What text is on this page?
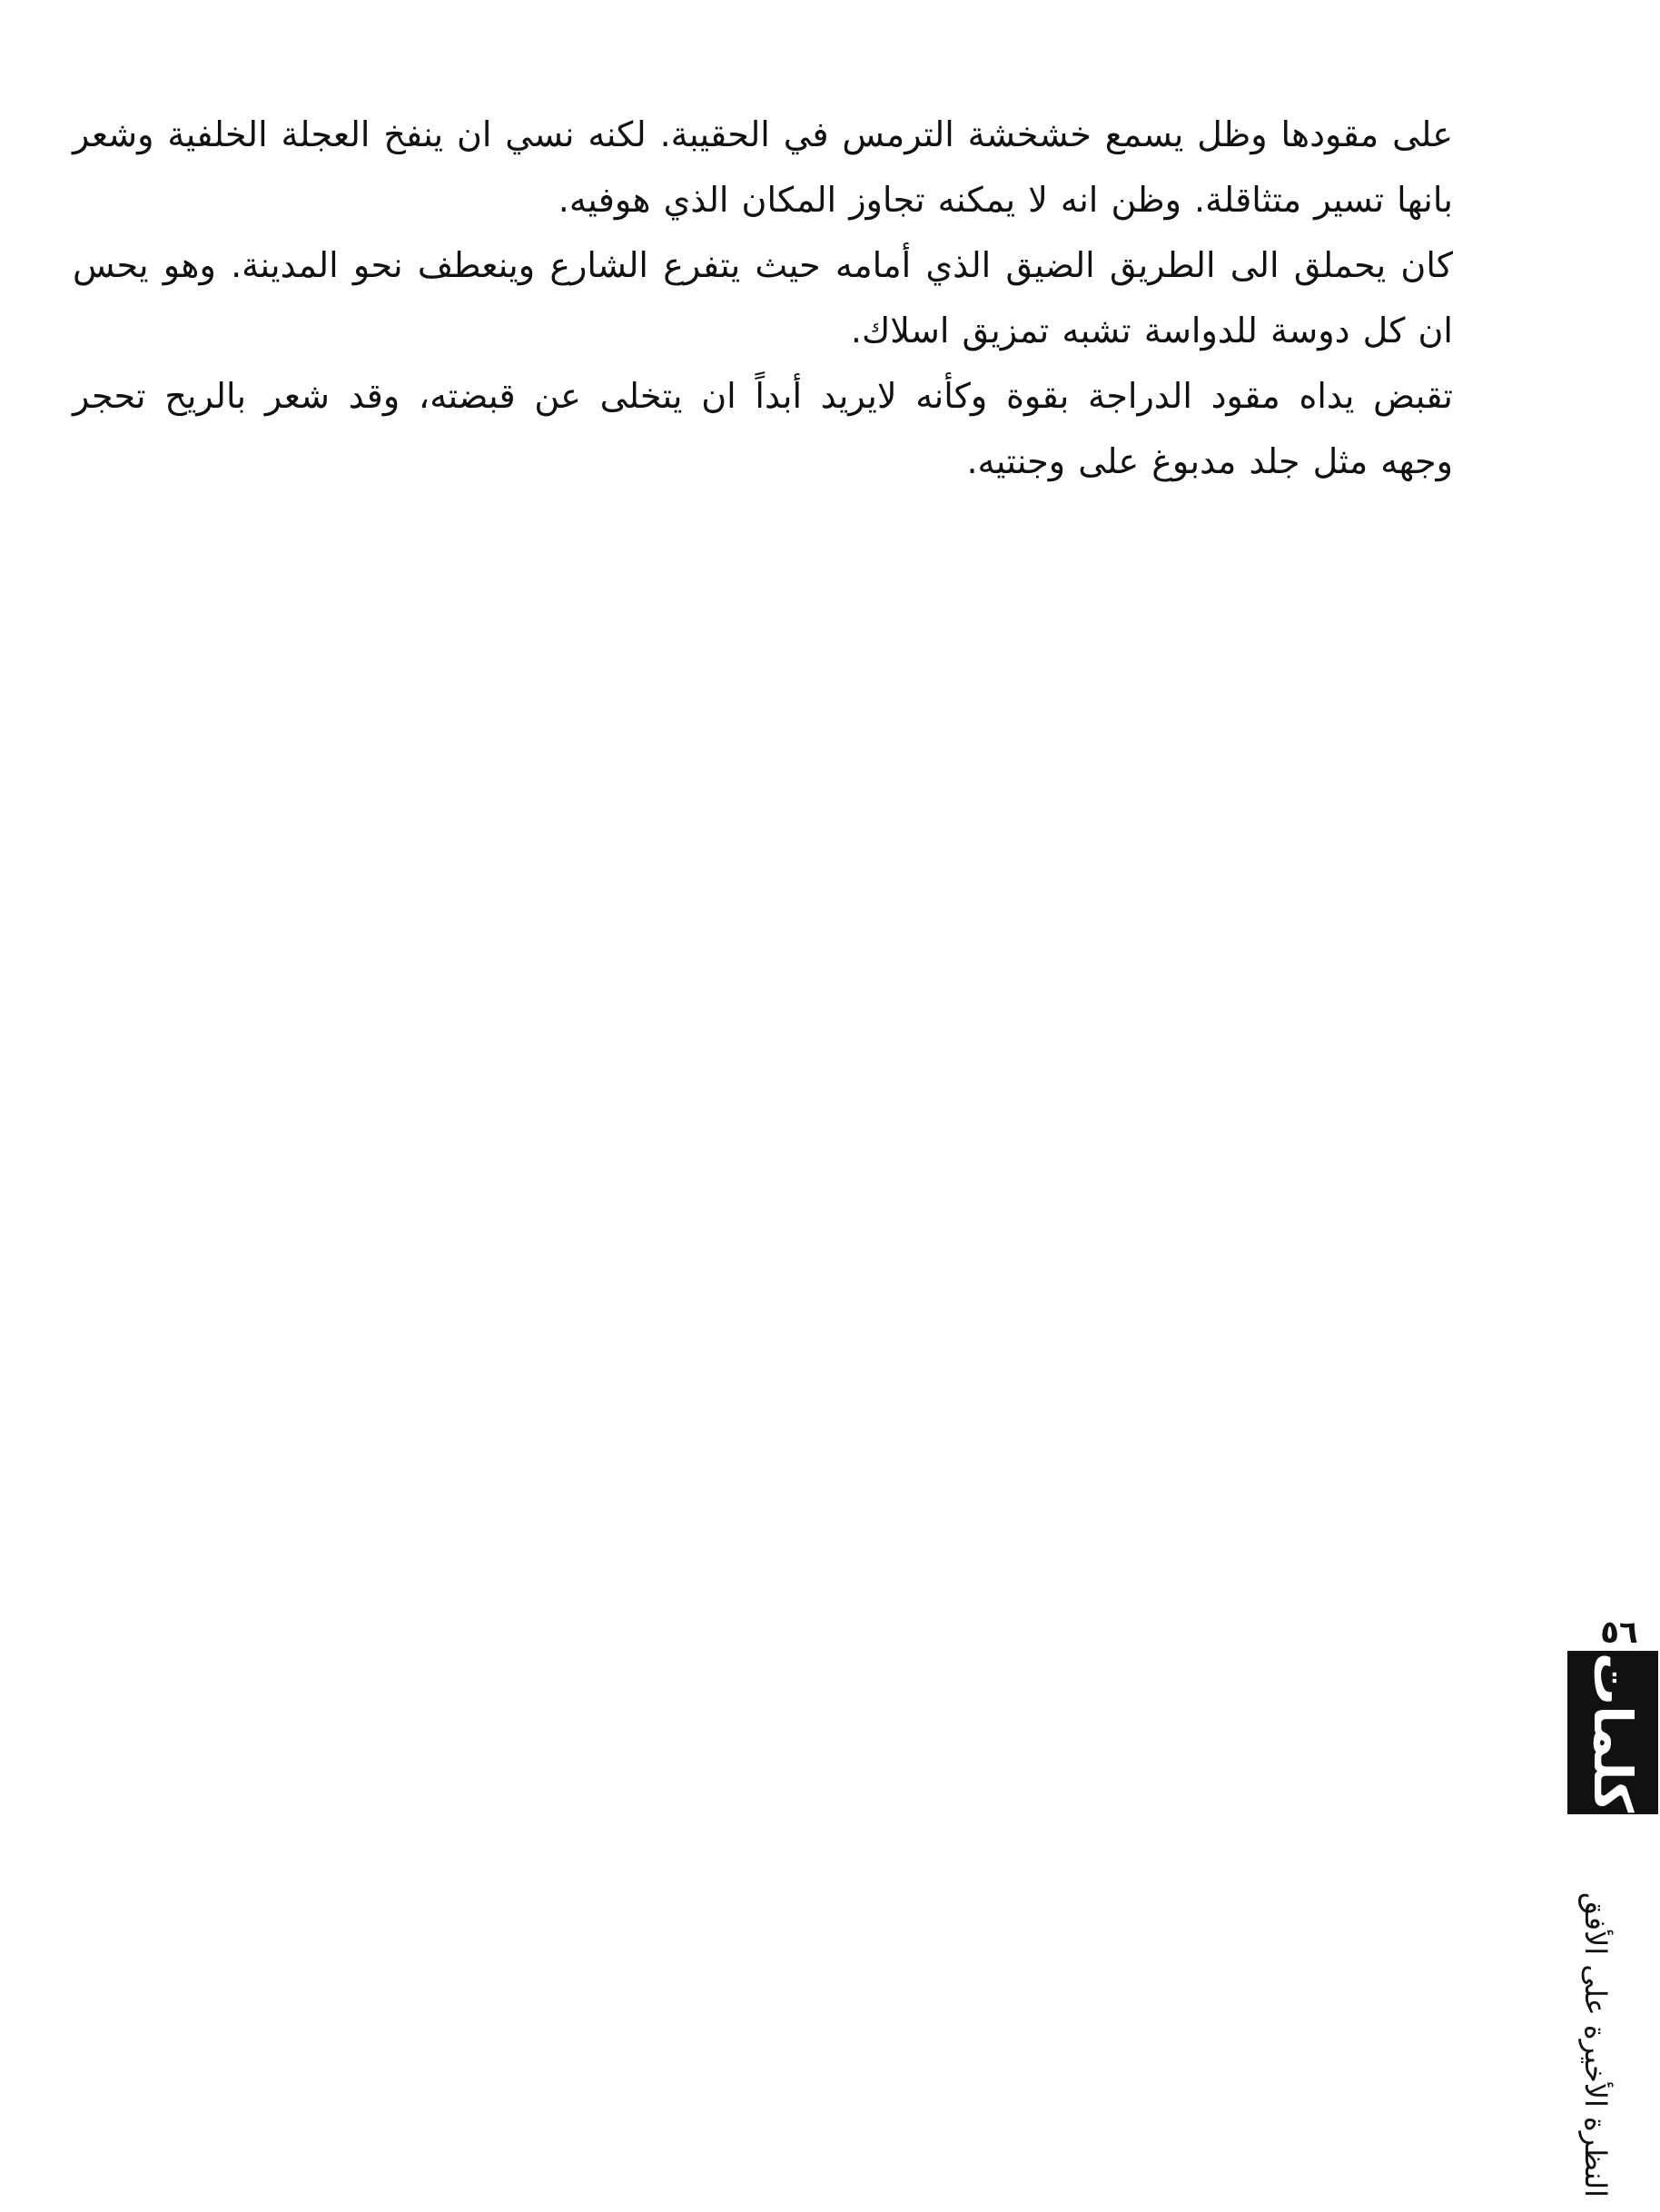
على مقودها وظل يسمع خشخشة الترمس في الحقيبة. لكنه نسي ان ينفخ العجلة الخلفية وشعر
بانها تسير متثاقلة. وظن انه لا يمكنه تجاوز المكان الذي هوفيه.
كان يحملق الى الطريق الضيق الذي أمامه حيث يتفرع الشارع وينعطف نحو المدينة. وهو يحس
ان كل دوسة للدواسة تشبه تمزيق اسلاك.
تقبض يداه مقود الدراجة بقوة وكأنه لايريد أبداً ان يتخلى عن قبضته، وقد شعر بالريح تحجر
وجهه مثل جلد مدبوغ على وجنتيه.
٥٦
كلمات
النظرة الأخيرة على الأفق
